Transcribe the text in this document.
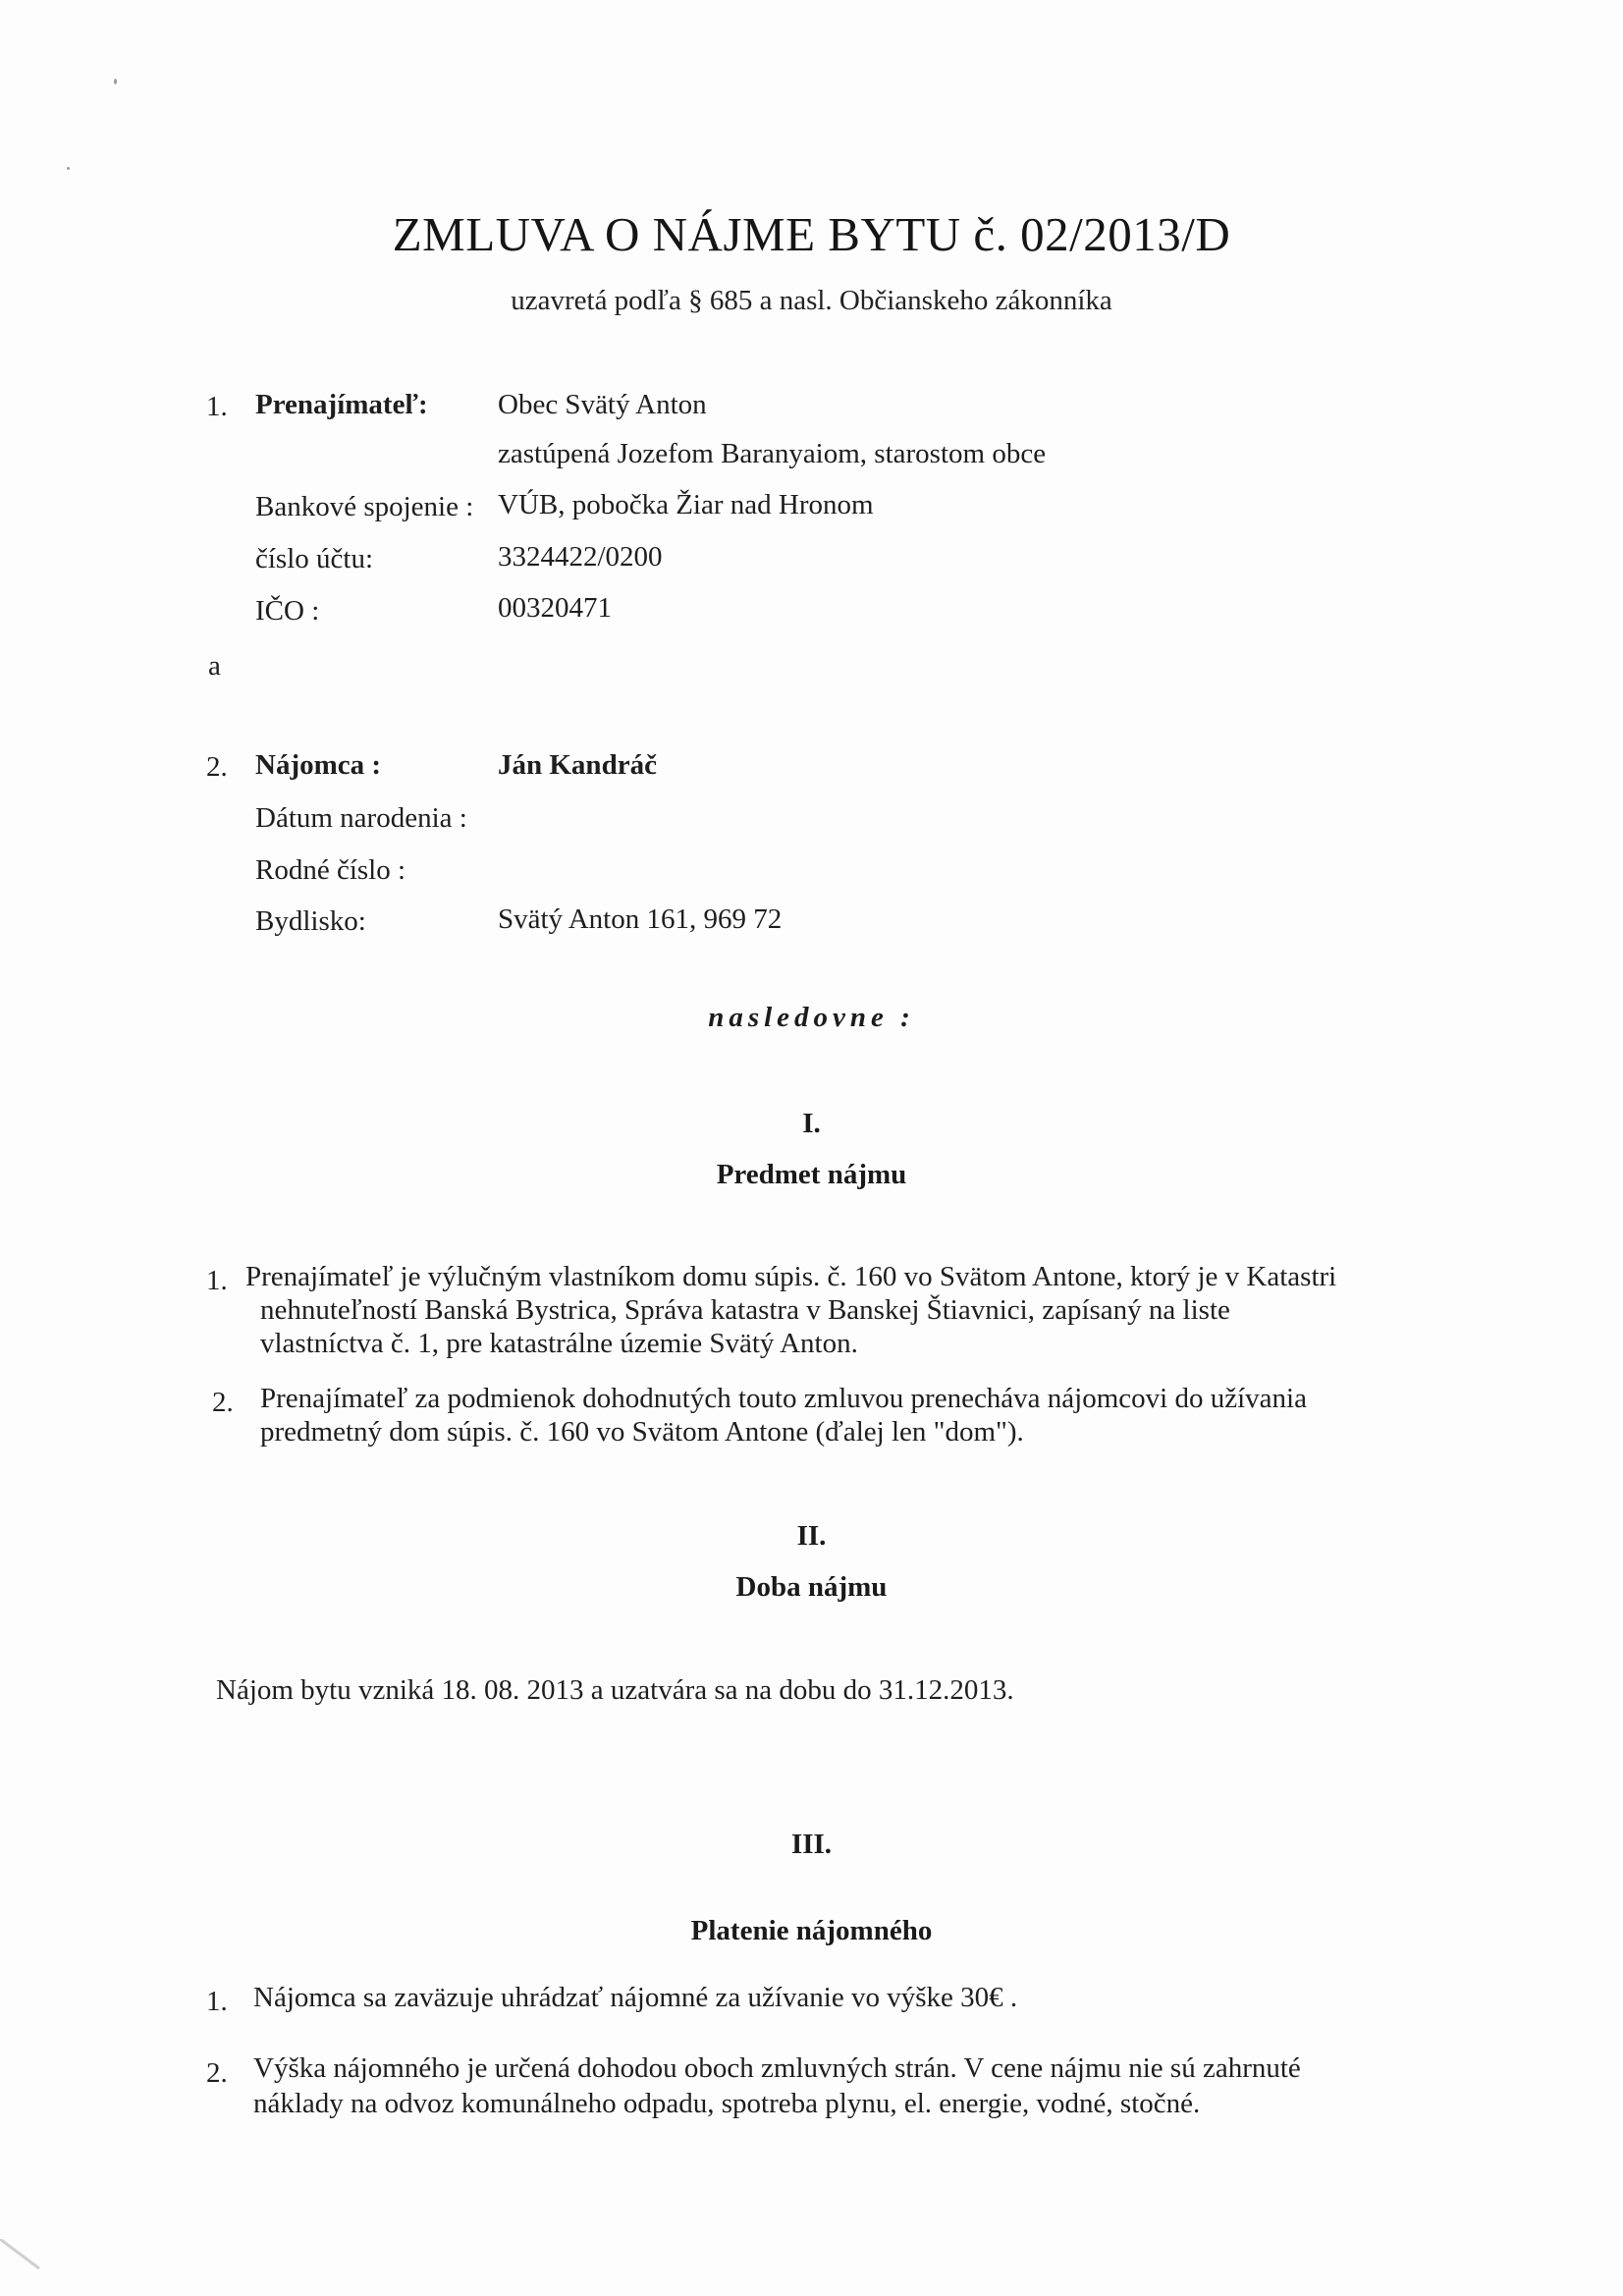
ZMLUVA O NÁJME BYTU č. 02/2013/D
uzavretá podľa § 685 a nasl. Občianskeho zákonníka
1. Prenajímateľ: Obec Svätý Anton
zastúpená Jozefom Baranyaiom, starostom obce
Bankové spojenie : VÚB, pobočka Žiar nad Hronom
číslo účtu:	3324422/0200
IČO :	00320471
a
2. Nájomca :	Ján Kandráč
Dátum narodenia :
Rodné číslo :
Bydlisko:	Svätý Anton 161, 969 72
nasledovne :
I.
Predmet nájmu
1. Prenajímateľ je výlučným vlastníkom domu súpis. č. 160 vo Svätom Antone, ktorý je v Katastri
nehnuteľností Banská Bystrica, Správa katastra v Banskej Štiavnici, zapísaný na liste
vlastníctva č. 1, pre katastrálne územie Svätý Anton.
2. Prenajímateľ za podmienok dohodnutých touto zmluvou prenecháva nájomcovi do užívania
predmetný dom súpis. č. 160 vo Svätom Antone (ďalej len "dom").
II.
Doba nájmu
Nájom bytu vzniká 18. 08. 2013 a uzatvára sa na dobu do 31.12.2013.
III.
Platenie nájomného
1. Nájomca sa zaväzuje uhrádzať nájomné za užívanie vo výške 30€ .
2. Výška nájomného je určená dohodou oboch zmluvných strán. V cene nájmu nie sú zahrnuté
náklady na odvoz komunálneho odpadu, spotreba plynu, el. energie, vodné, stočné.
